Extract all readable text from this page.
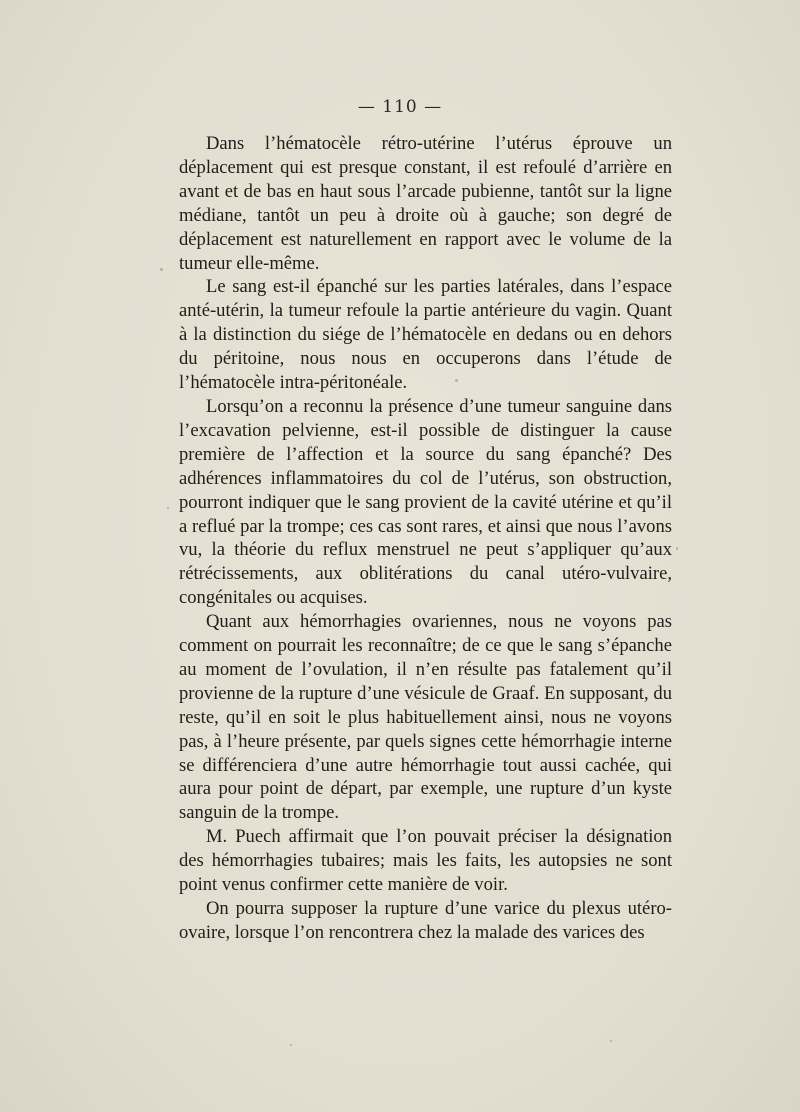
— 110 —

Dans l’hématocèle rétro-utérine l’utérus éprouve un déplacement qui est presque constant, il est refoulé d’arrière en avant et de bas en haut sous l’arcade pubienne, tantôt sur la ligne médiane, tantôt un peu à droite où à gauche; son degré de déplacement est naturellement en rapport avec le volume de la tumeur elle-même.

Le sang est-il épanché sur les parties latérales, dans l’espace anté-utérin, la tumeur refoule la partie antérieure du vagin. Quant à la distinction du siége de l’hématocèle en dedans ou en dehors du péritoine, nous nous en occuperons dans l’étude de l’hématocèle intra-péritonéale.

Lorsqu’on a reconnu la présence d’une tumeur sanguine dans l’excavation pelvienne, est-il possible de distinguer la cause première de l’affection et la source du sang épanché? Des adhérences inflammatoires du col de l’utérus, son obstruction, pourront indiquer que le sang provient de la cavité utérine et qu’il a reflué par la trompe; ces cas sont rares, et ainsi que nous l’avons vu, la théorie du reflux menstruel ne peut s’appliquer qu’aux rétrécissements, aux oblitérations du canal utéro-vulvaire, congénitales ou acquises.

Quant aux hémorrhagies ovariennes, nous ne voyons pas comment on pourrait les reconnaître; de ce que le sang s’épanche au moment de l’ovulation, il n’en résulte pas fatalement qu’il provienne de la rupture d’une vésicule de Graaf. En supposant, du reste, qu’il en soit le plus habituellement ainsi, nous ne voyons pas, à l’heure présente, par quels signes cette hémorrhagie interne se différenciera d’une autre hémorrhagie tout aussi cachée, qui aura pour point de départ, par exemple, une rupture d’un kyste sanguin de la trompe.

M. Puech affirmait que l’on pouvait préciser la désignation des hémorrhagies tubaires; mais les faits, les autopsies ne sont point venus confirmer cette manière de voir.

On pourra supposer la rupture d’une varice du plexus utéro-ovaire, lorsque l’on rencontrera chez la malade des varices des
